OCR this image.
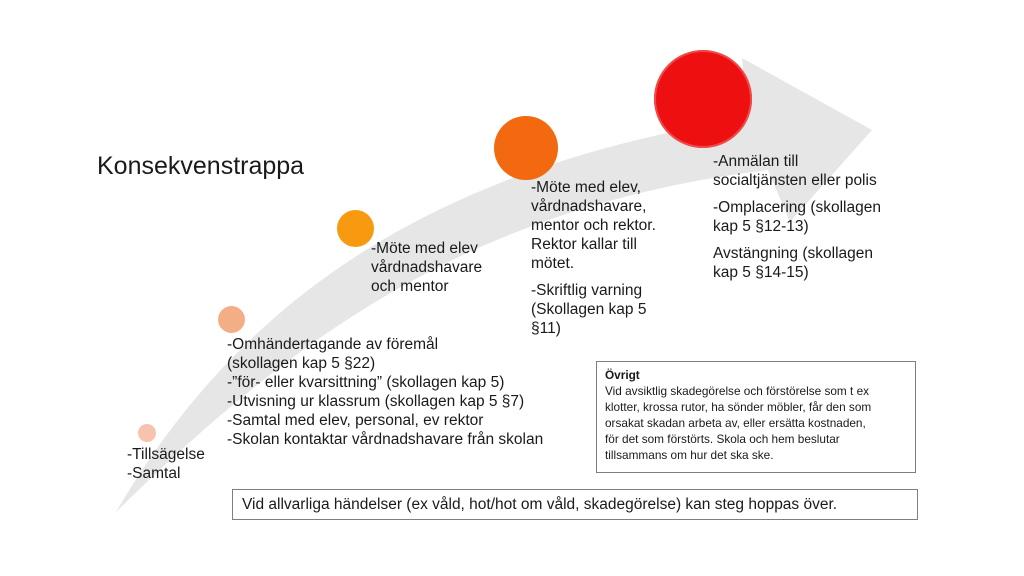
Konsekvenstrappa
-Tillsägelse
-Samtal
-Omhändertagande av föremål
(skollagen kap 5 §22)
-”för- eller kvarsittning” (skollagen kap 5)
-Utvisning ur klassrum (skollagen kap 5 §7)
-Samtal med elev, personal, ev rektor
-Skolan kontaktar vårdnadshavare från skolan
-Möte med elev
vårdnadshavare
och mentor
-Möte med elev,
vårdnadshavare,
mentor och rektor.
Rektor kallar till
mötet.
-Skriftlig varning
(Skollagen kap 5
§11)
-Anmälan till
socialtjänsten eller polis
-Omplacering (skollagen
kap 5 §12-13)
Avstängning (skollagen
kap 5 §14-15)
Övrigt
Vid avsiktlig skadegörelse och förstörelse som t ex
klotter, krossa rutor, ha sönder möbler, får den som
orsakat skadan arbeta av, eller ersätta kostnaden,
för det som förstörts. Skola och hem beslutar
tillsammans om hur det ska ske.
Vid allvarliga händelser (ex våld, hot/hot om våld, skadegörelse) kan steg hoppas över.
